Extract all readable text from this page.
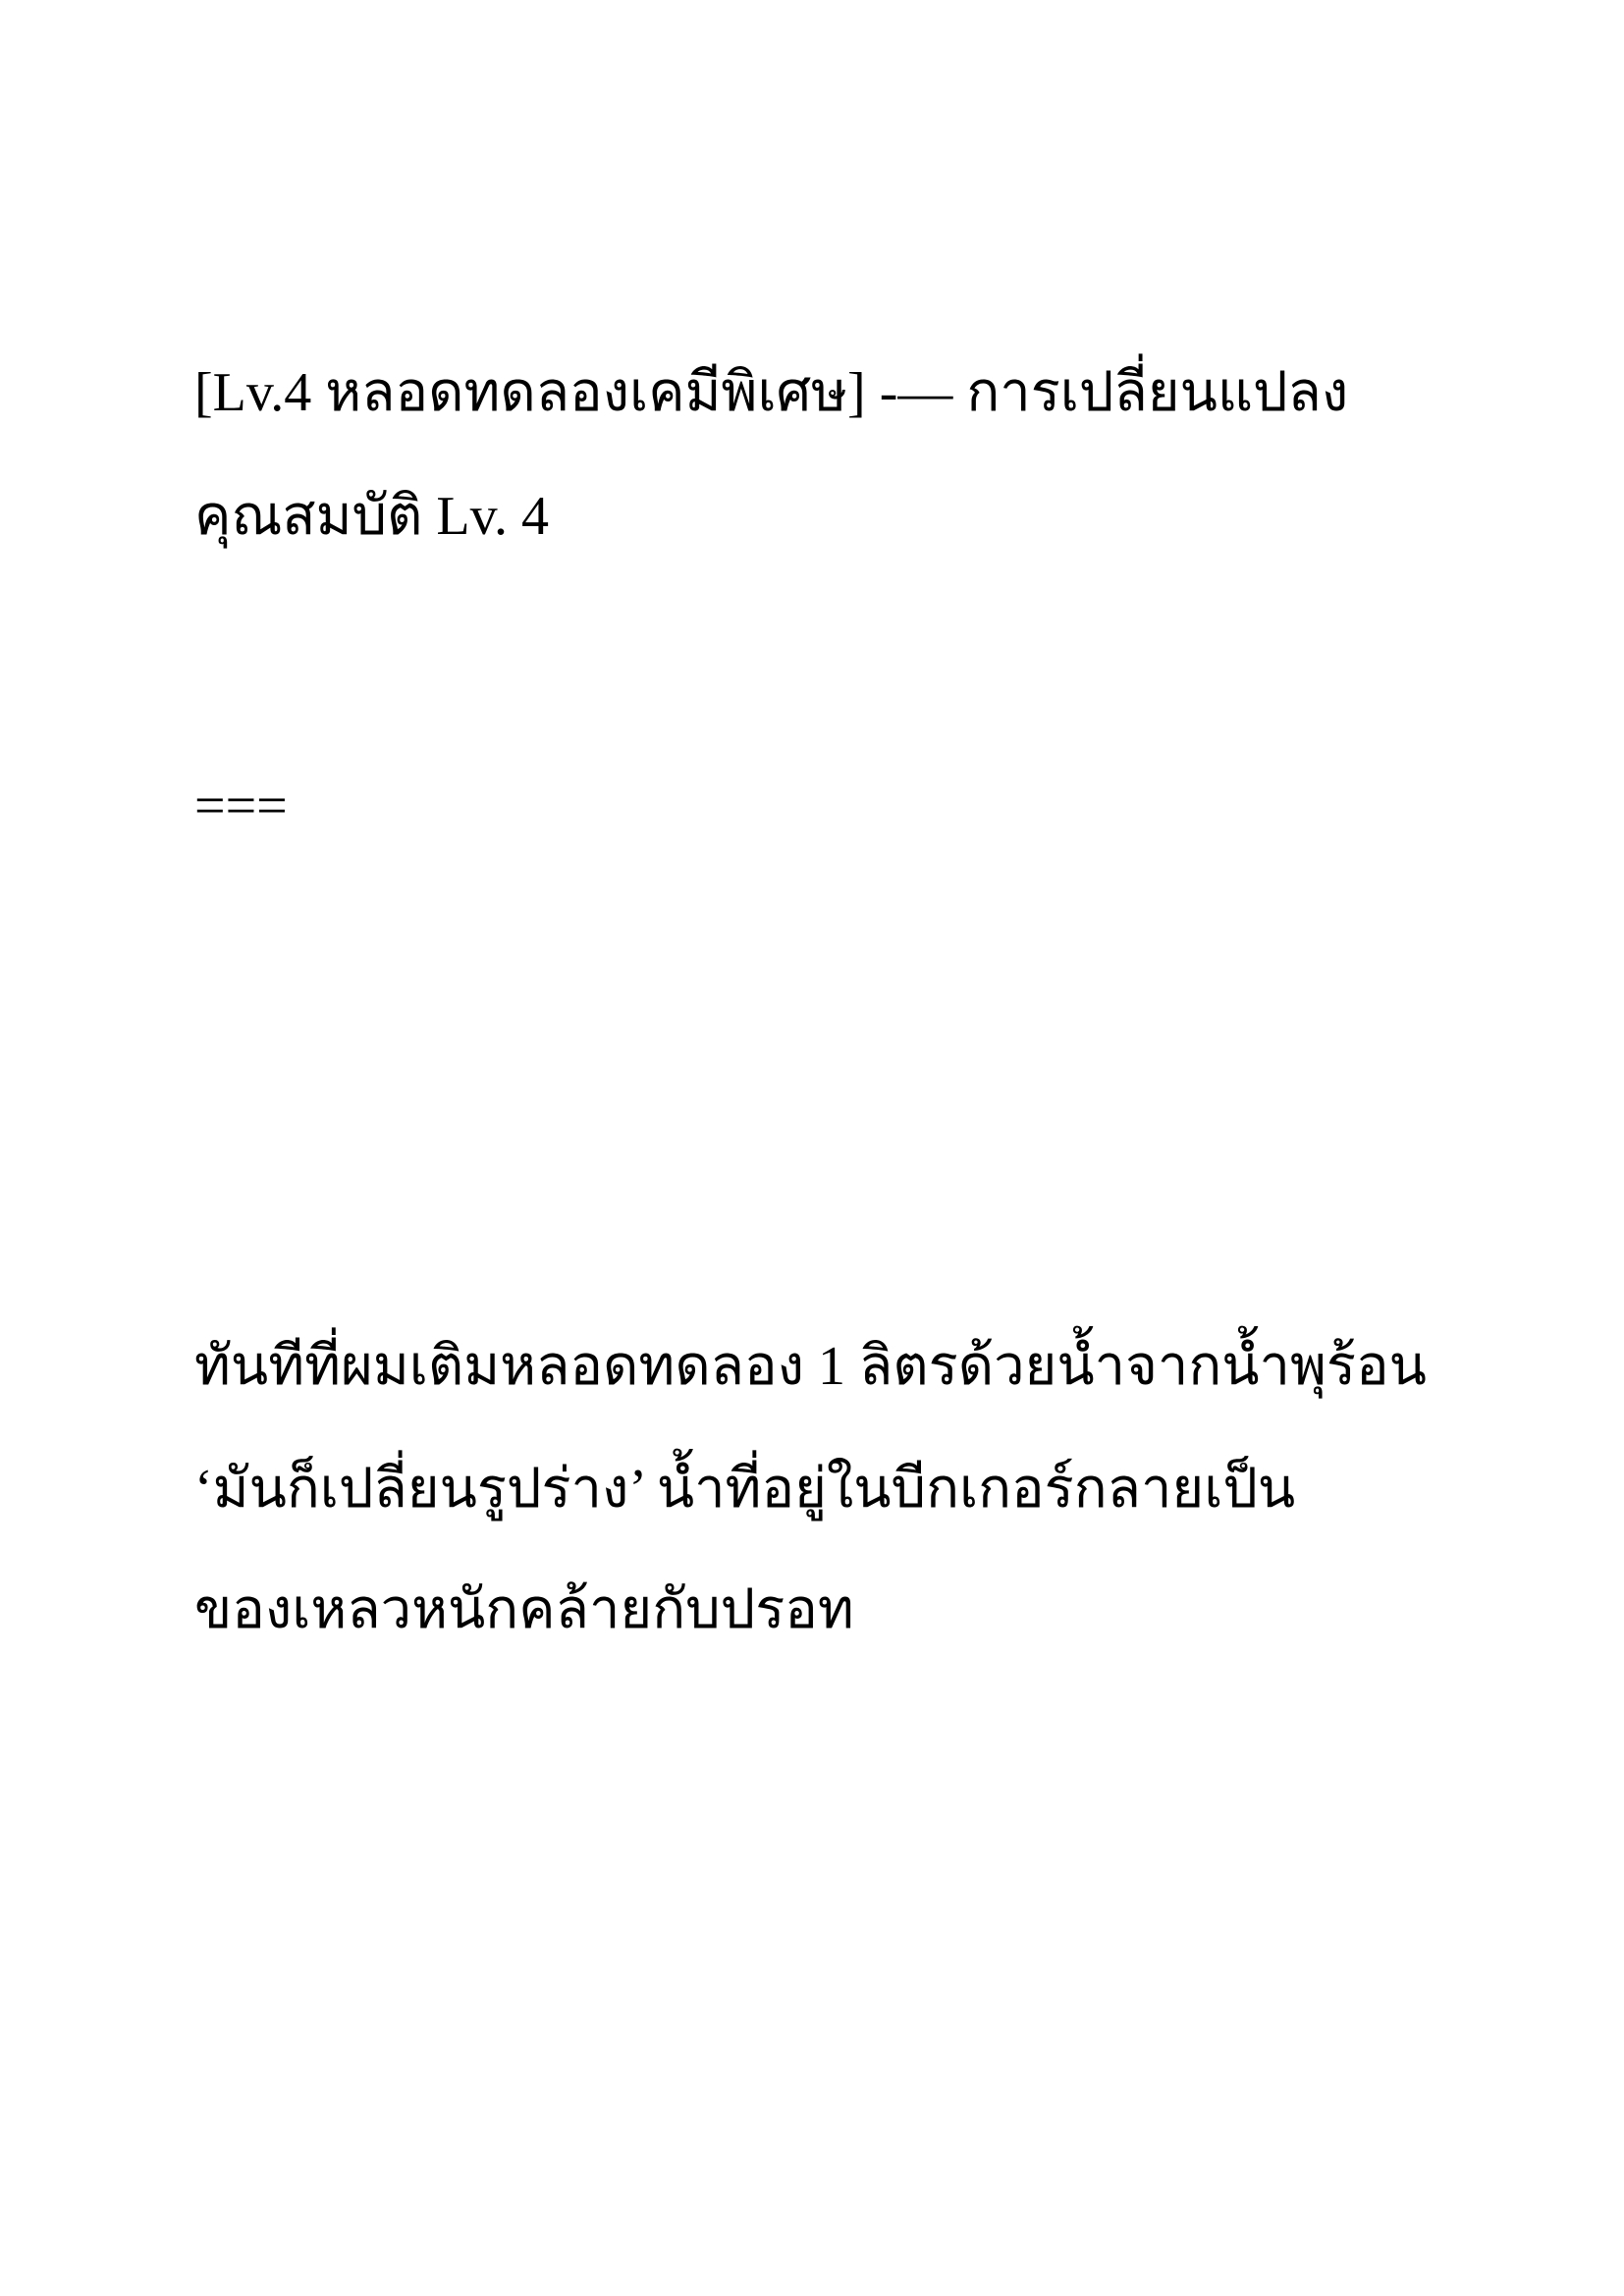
[Lv.4 หลอดทดลองเคมีพิเศษ] -— การเปลี่ยนแปลง
คุณสมบัติ Lv. 4
===
ทันทีที่ผมเติมหลอดทดลอง 1 ลิตรด้วยน้ำจากน้ำพุร้อน
‘มันก็เปลี่ยนรูปร่าง’ น้ำที่อยู่ในบีกเกอร์กลายเป็น
ของเหลวหนักคล้ายกับปรอท
